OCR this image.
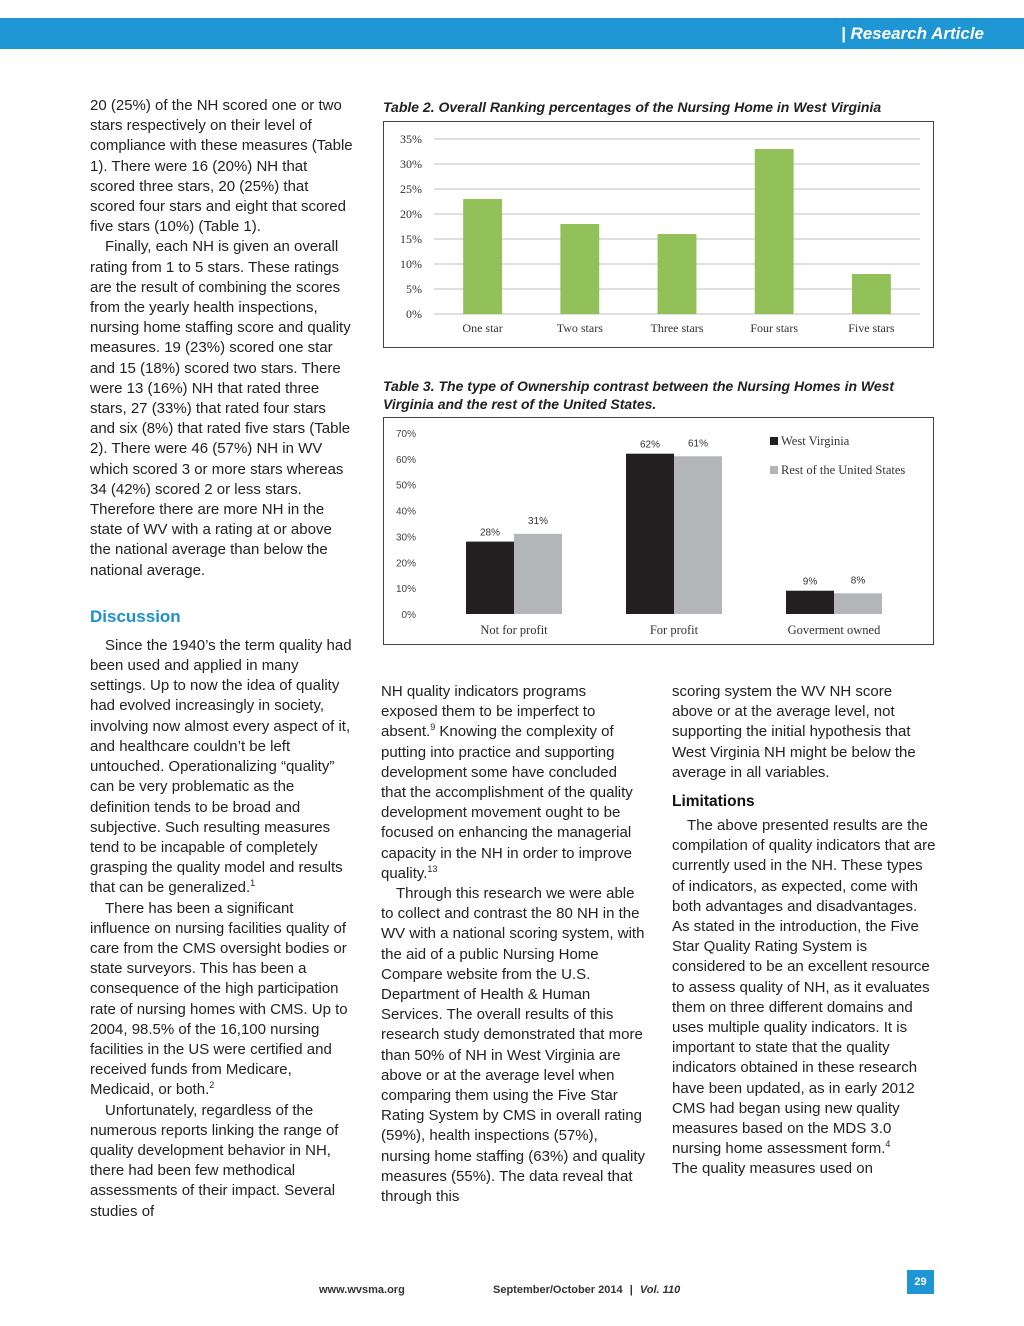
| Research Article

20 (25%) of the NH scored one or two stars respectively on their level of compliance with these measures (Table 1). There were 16 (20%) NH that scored three stars, 20 (25%) that scored four stars and eight that scored five stars (10%) (Table 1).

Finally, each NH is given an overall rating from 1 to 5 stars. These ratings are the result of combining the scores from the yearly health inspections, nursing home staffing score and quality measures. 19 (23%) scored one star and 15 (18%) scored two stars. There were 13 (16%) NH that rated three stars, 27 (33%) that rated four stars and six (8%) that rated five stars (Table 2). There were 46 (57%) NH in WV which scored 3 or more stars whereas 34 (42%) scored 2 or less stars. Therefore there are more NH in the state of WV with a rating at or above the national average than below the national average.

Discussion

Since the 1940’s the term quality had been used and applied in many settings. Up to now the idea of quality had evolved increasingly in society, involving now almost every aspect of it, and healthcare couldn’t be left untouched. Operationalizing “quality” can be very problematic as the definition tends to be broad and subjective. Such resulting measures tend to be incapable of completely grasping the quality model and results that can be generalized.$^1$

There has been a significant influence on nursing facilities quality of care from the CMS oversight bodies or state surveyors. This has been a consequence of the high participation rate of nursing homes with CMS. Up to 2004, 98.5% of the 16,100 nursing facilities in the US were certified and received funds from Medicare, Medicaid, or both.$^2$

Unfortunately, regardless of the numerous reports linking the range of quality development behavior in NH, there had been few methodical assessments of their impact. Several studies of

Table 2. Overall Ranking percentages of the Nursing Home in West Virginia
0%
5%
10%
15%
20%
25%
30%
35%
One star	Two stars	Three stars	Four stars	Five stars
Table 3. The type of Ownership contrast between the Nursing Homes in West Virginia and the rest of the United States.
0%
10%
20%
30%
40%
50%
60%
70%
28%
31%
Not for profit
62%	61%
For profit
9%	8%
Goverment owned
West Virginia
Rest of the United States

NH quality indicators programs exposed them to be imperfect to absent.$^9$ Knowing the complexity of putting into practice and supporting development some have concluded that the accomplishment of the quality development movement ought to be focused on enhancing the managerial capacity in the NH in order to improve quality.$^{13}$

Through this research we were able to collect and contrast the 80 NH in the WV with a national scoring system, with the aid of a public Nursing Home Compare website from the U.S. Department of Health & Human Services. The overall results of this research study demonstrated that more than 50% of NH in West Virginia are above or at the average level when comparing them using the Five Star Rating System by CMS in overall rating (59%), health inspections (57%), nursing home staffing (63%) and quality measures (55%). The data reveal that through this

scoring system the WV NH score above or at the average level, not supporting the initial hypothesis that West Virginia NH might be below the average in all variables.

Limitations

The above presented results are the compilation of quality indicators that are currently used in the NH. These types of indicators, as expected, come with both advantages and disadvantages. As stated in the introduction, the Five Star Quality Rating System is considered to be an excellent resource to assess quality of NH, as it evaluates them on three different domains and uses multiple quality indicators. It is important to state that the quality indicators obtained in these research have been updated, as in early 2012 CMS had began using new quality measures based on the MDS 3.0 nursing home assessment form.$^4$

The quality measures used on

www.wvsma.org	September/October 2014 | Vol. 110
29
